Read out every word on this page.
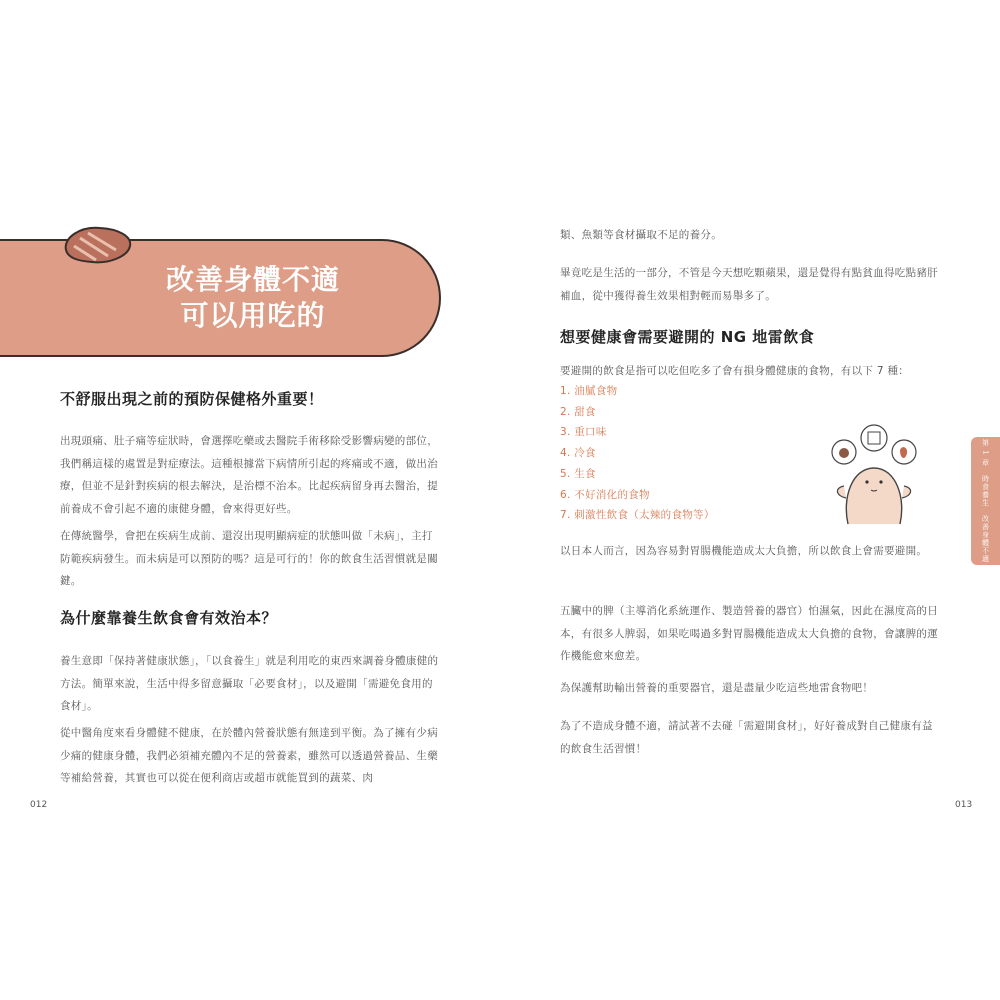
改善身體不適
可以用吃的
不舒服出現之前的預防保健格外重要！

出現頭痛、肚子痛等症狀時，會選擇吃藥或去醫院手術移除受影響病變的部位，我們稱這樣的處置是對症療法。這種根據當下病情所引起的疼痛或不適，做出治療，但並不是針對疾病的根去解決，是治標不治本。比起疾病留身再去醫治，提前養成不會引起不適的康健身體，會來得更好些。

在傳統醫學，會把在疾病生成前、還沒出現明顯病症的狀態叫做「未病」，主打防範疾病發生。而未病是可以預防的嗎？這是可行的！你的飲食生活習慣就是關鍵。

為什麼靠養生飲食會有效治本？

養生意即「保持著健康狀態」，「以食養生」就是利用吃的東西來調養身體康健的方法。簡單來說，生活中得多留意攝取「必要食材」，以及避開「需避免食用的食材」。

從中醫角度來看身體健不健康，在於體內營養狀態有無達到平衡。為了擁有少病少痛的健康身體，我們必須補充體內不足的營養素，雖然可以透過營養品、生藥等補給營養，其實也可以從在便利商店或超市就能買到的蔬菜、肉

012

類、魚類等食材攝取不足的養分。

畢竟吃是生活的一部分，不管是今天想吃顆蘋果，還是覺得有點貧血得吃點豬肝補血，從中獲得養生效果相對輕而易舉多了。

想要健康會需要避開的 NG 地雷飲食

要避開的飲食是指可以吃但吃多了會有損身體健康的食物，有以下 7 種：

1. 油膩食物
2. 甜食
3. 重口味
4. 冷食
5. 生食
6. 不好消化的食物
7. 刺激性飲食（太辣的食物等）

以日本人而言，因為容易對胃腸機能造成太大負擔，所以飲食上會需要避開。

五臟中的脾（主導消化系統運作、製造營養的器官）怕濕氣，因此在濕度高的日本，有很多人脾弱，如果吃喝過多對胃腸機能造成太大負擔的食物，會讓脾的運作機能愈來愈差。

為保護幫助輸出營養的重要器官，還是盡量少吃這些地雷食物吧！

為了不造成身體不適，請試著不去碰「需避開食材」，好好養成對自己健康有益的飲食生活習慣！

第 1 章　時食養生　改善身體不適
013
